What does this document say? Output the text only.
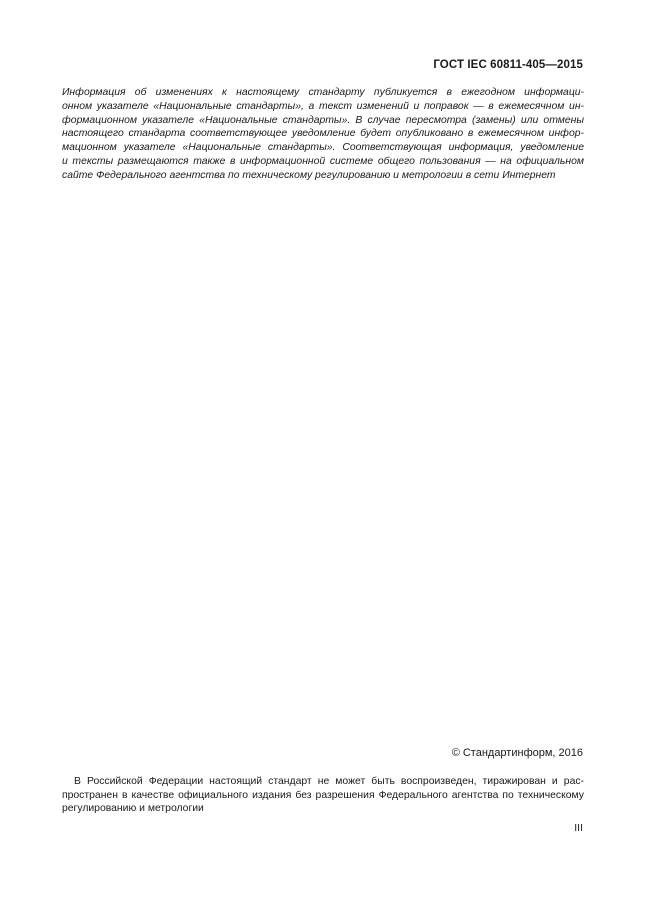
ГОСТ IEC 60811-405—2015
Информация об изменениях к настоящему стандарту публикуется в ежегодном информаци-
онном указателе «Национальные стандарты», а текст изменений и поправок — в ежемесячном ин-
формационном указателе «Национальные стандарты». В случае пересмотра (замены) или отмены
настоящего стандарта соответствующее уведомление будет опубликовано в ежемесячном инфор-
мационном указателе «Национальные стандарты». Соответствующая информация, уведомление
и тексты размещаются также в информационной системе общего пользования — на официальном
сайте Федерального агентства по техническому регулированию и метрологии в сети Интернет
© Стандартинформ, 2016
В Российской Федерации настоящий стандарт не может быть воспроизведен, тиражирован и рас-
пространен в качестве официального издания без разрешения Федерального агентства по техническому
регулированию и метрологии
III
